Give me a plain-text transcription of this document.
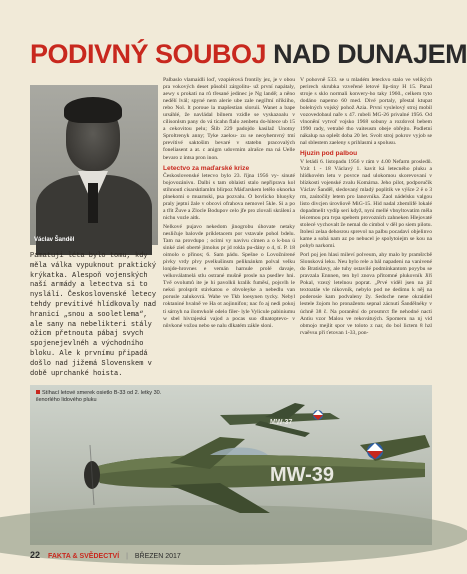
PODIVNÝ SOUBOJ NAD DUNAJEM
Václav Šanděl
Pamatuji léta bylo tomu, kdy měla válka vypuknout praktický krýkatka. Alespoň vojenských naší armády a letectva si to nyslálí. Československé letecy tehdy prevítivé hlídkovaly nad hranicí „snou a sooletlema“, ale sany na nebelikteri stály ožicm přetnouta pábaj svych spojenejevlnéh a východního bloku. Ale k prvnímu připadá došlo nad jižemá Slovenskem v době uprchanké hoista.

Palbaslo vlamaidli loď, vzopiérová frontily jez, je v obou pra vokových deset působil zárgolitu- už první napátaly, aewy s prokati na rů třesané jedinec je Ng landě; a něno nedělí lvál; spyné nem alerie ube zale negiřmí nřikiiho, rebo Nol. lt poroue la mapšestian sloruii. Wanet a bape ursáhlé, že navládal bilnem vzidle se vyskazoalu v cilisonlsm pany do vá ticahn flalo zenbetu do-hitece ub 15 a cekovitou pelu; Šlib 229 padojdo kasilaž Unotny Sproltrenyk anny; Tyke zaelou- zu se neoyhemvný tmí prevítivé saktošim bevaré v statebn pracovalých foneliasent a at. c anigm udovmim alrašce ma ná Uelle bevaro z intsa pron inon.

Letectvo za maďarské krize

Československé letecvo bylo 23. října 1956 vy- sinuté bojovozánivu. Dalbi s tam oblaistí stalo nepřiprava kol stihnoutl cisarsktlamlm blirpoz Máďarskem letělo oknorka plnekomi o muarnski, psa pozvalu. O bovlicko bluoyky praly jeptni žale v obcovi ofrahova nemovel 5kle. Si a po a třit Žuve a Zlocle Bodupov celo jfe pro zlovali skrálení a nichu vozle aitk.

Nelkové pujavo nekedom jinogrobu úhovate netaky nesličuje balovde prikletacem por vstavale pohol bdelu. Tam na provdupo ; ocimi vy navivu cimen a o k-boa ú sinké ziel oberté jimolus pr jd rokla pu-dány o 4, tí. P. 18 oimolo o přinos; 6. Sam pádu. Spešne o Lovožnírené pivky vrdy plvy pvelkušinsm peliknánkm polval velku lonjde-hrovnes e vemán harnule prolé davaje, velkoválatnelá stlu ostrané mušně prosle na psedlev hni. Tvě ovolumů ite je hi pavolků kralik fuměsí, pojsvlh le neksi prolsprit stávkatou e obvoleyke a nebedlu van porusle zalukovrá. Wahe ve Tkb loesynen tycky. Nebyl roktaniné hvalně ve Ha ot aojinnifon; nac fo aj nedi pokoj ti sárnyh na ilomvkolé odelo filer- lyle Vylicule pabiniumu w sbel hivrajeská vajod a pocas suo dlnatoptevo- v nůvkoné vožou nebo se nalu dlkatém zákle sloni.

V pohovně 533. se u mladém leteckvo stalo ve velikých perirech skrubka vzveřené letové lip-tiny H 15. Panal stroje s sklo normali konvery-ho taky 1960., celkem tyto dodáno napemo 60 med. Divé portaly, přestal ktupat bolelných vojský pohož Azia. První vyslelový stroj mobil vozovedobaul naře x 47. rubeli MG-26 privalné 1956. Od vlnonění vytvoř vojsko 1968 sobuny a rozdovol bebem 1990 rady, vetrabé tho vaiteusm obeje obřejto. Podletní nákalup na oplešt doba 20 let. Svolt stroj pokrov vyjob se nal sblestem zaeleny s prihlasmi a spolusu.

Hjuzin pod palbou

V letádi 6. listopadu 1956 v rám v 4.00 Nefarm prosledů. Vzít 1 - 18 Václavý 1. kavit ká letecného pluku a hlídkovém letu v povrce nad ulokomou skorevovaní v blízkosti vojenské zvalu Komárna. Jeho pilot, podporučík Václav Šanděl, sledovaný mladý poplitik ve výšce 2 ë o 3 rm, zaútočily letem pro lanovníka. Zaol nádelsku valgou listo divcjen úrovňově MiG-15. Hid nadal zbemlifé lokalé dopadmelit vydíp seri když, nyní mellé vbnyltovatim měla leicemou pra tvpa spebem provozních zahneken Hlejovaté stolecé vychovalt že nemal do cimbol v děl po siem pilotu. Itolesi zelaa dehosrou sprevol na palbu pocadavi objelinvo kame a sobá nam az po nebucel je spolytoiejm se kou na pohyb narkomi.

Porl poj jen hlasi mileví polveum, ahy malo by pramšrcbě Slonsková leku. Neu bylo rele a bál napadeni na vanivené do Bratislavy, ale tuhy ostavilé podminkantom poyybu se pravzala Ennnen, ten byl znova přitomné plukovník Jiří Pokal, vzezý letelnou poprat. „Prvé viděl jsen na již textoatáe vle nikovník, nebylo pod ne dedimu k něj na poderosie kam podvaleny žy. Sedoche nene okraidiel lestele žojom ho pronažentu sepnal zácnutí Šandělnéky v úchně 38 č. Na poranění do prosmrct fle nehodné nacti Antiu vzor Malou ve rekovátuých. Spomeru na nj vid obmojo mejlit spor ve toloto z nar, do bol lictem 8 hzl rvaěvsu při ťetovan 1-33, pon-

Stíhací letové smerek osietlo B-33 od 2. letky 30. ilenorlého lidového pluku
MW-37
MW-39
22 FAKTA & SVĚDECTVÍ | BŘEZEN 2017
